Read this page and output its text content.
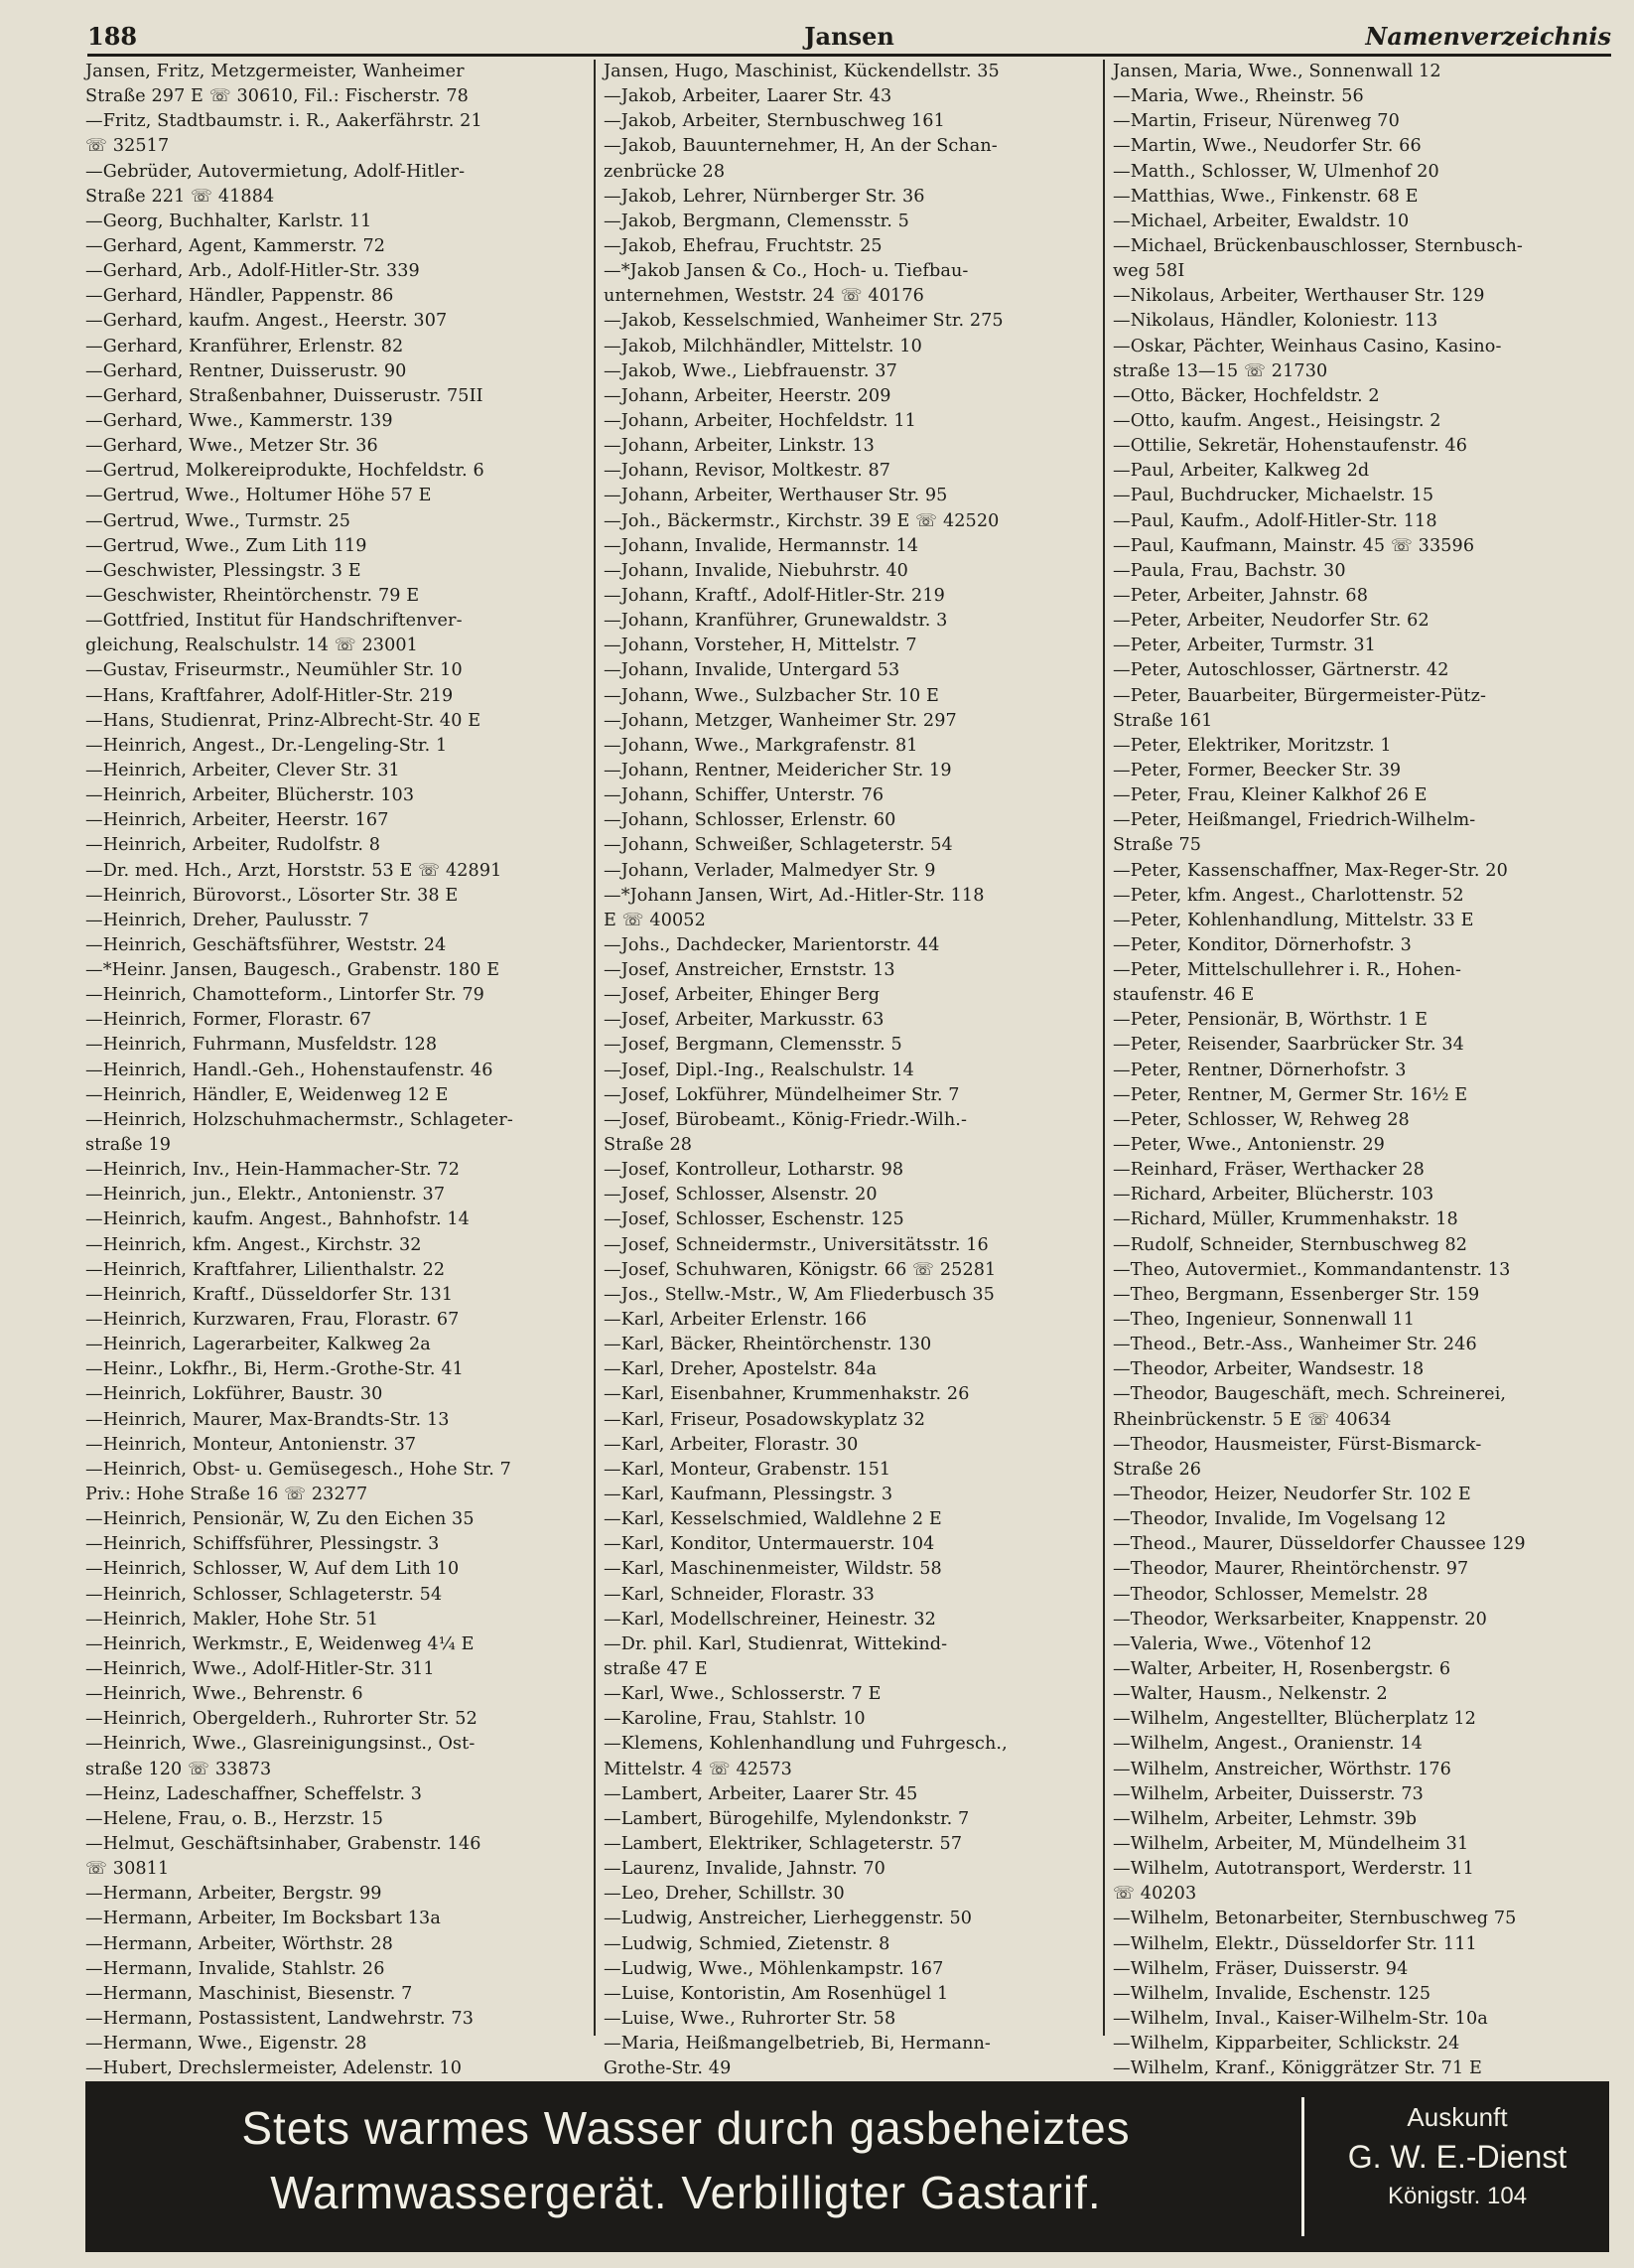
188	Jansen	Namenverzeichnis
Jansen, Fritz, Metzgermeister, Wanheimer
Straße 297 E ☏ 30610, Fil.: Fischerstr. 78
—Fritz, Stadtbaumstr. i. R., Aakerfährstr. 21
☏ 32517
—Gebrüder, Autovermietung, Adolf-Hitler-
Straße 221 ☏ 41884
—Georg, Buchhalter, Karlstr. 11
—Gerhard, Agent, Kammerstr. 72
—Gerhard, Arb., Adolf-Hitler-Str. 339
—Gerhard, Händler, Pappenstr. 86
—Gerhard, kaufm. Angest., Heerstr. 307
—Gerhard, Kranführer, Erlenstr. 82
—Gerhard, Rentner, Duisserustr. 90
—Gerhard, Straßenbahner, Duisserustr. 75II
—Gerhard, Wwe., Kammerstr. 139
—Gerhard, Wwe., Metzer Str. 36
—Gertrud, Molkereiprodukte, Hochfeldstr. 6
—Gertrud, Wwe., Holtumer Höhe 57 E
—Gertrud, Wwe., Turmstr. 25
—Gertrud, Wwe., Zum Lith 119
—Geschwister, Plessingstr. 3 E
—Geschwister, Rheintörchenstr. 79 E
—Gottfried, Institut für Handschriftenver-
gleichung, Realschulstr. 14 ☏ 23001
—Gustav, Friseurmstr., Neumühler Str. 10
—Hans, Kraftfahrer, Adolf-Hitler-Str. 219
—Hans, Studienrat, Prinz-Albrecht-Str. 40 E
—Heinrich, Angest., Dr.-Lengeling-Str. 1
—Heinrich, Arbeiter, Clever Str. 31
—Heinrich, Arbeiter, Blücherstr. 103
—Heinrich, Arbeiter, Heerstr. 167
—Heinrich, Arbeiter, Rudolfstr. 8
—Dr. med. Hch., Arzt, Horststr. 53 E ☏ 42891
—Heinrich, Bürovorst., Lösorter Str. 38 E
—Heinrich, Dreher, Paulusstr. 7
—Heinrich, Geschäftsführer, Weststr. 24
—*Heinr. Jansen, Baugesch., Grabenstr. 180 E
—Heinrich, Chamotteform., Lintorfer Str. 79
—Heinrich, Former, Florastr. 67
—Heinrich, Fuhrmann, Musfeldstr. 128
—Heinrich, Handl.-Geh., Hohenstaufenstr. 46
—Heinrich, Händler, E, Weidenweg 12 E
—Heinrich, Holzschuhmachermstr., Schlageter-
straße 19
—Heinrich, Inv., Hein-Hammacher-Str. 72
—Heinrich, jun., Elektr., Antonienstr. 37
—Heinrich, kaufm. Angest., Bahnhofstr. 14
—Heinrich, kfm. Angest., Kirchstr. 32
—Heinrich, Kraftfahrer, Lilienthalstr. 22
—Heinrich, Kraftf., Düsseldorfer Str. 131
—Heinrich, Kurzwaren, Frau, Florastr. 67
—Heinrich, Lagerarbeiter, Kalkweg 2a
—Heinr., Lokfhr., Bi, Herm.-Grothe-Str. 41
—Heinrich, Lokführer, Baustr. 30
—Heinrich, Maurer, Max-Brandts-Str. 13
—Heinrich, Monteur, Antonienstr. 37
—Heinrich, Obst- u. Gemüsegesch., Hohe Str. 7
Priv.: Hohe Straße 16 ☏ 23277
—Heinrich, Pensionär, W, Zu den Eichen 35
—Heinrich, Schiffsführer, Plessingstr. 3
—Heinrich, Schlosser, W, Auf dem Lith 10
—Heinrich, Schlosser, Schlageterstr. 54
—Heinrich, Makler, Hohe Str. 51
—Heinrich, Werkmstr., E, Weidenweg 4¼ E
—Heinrich, Wwe., Adolf-Hitler-Str. 311
—Heinrich, Wwe., Behrenstr. 6
—Heinrich, Obergelderh., Ruhrorter Str. 52
—Heinrich, Wwe., Glasreinigungsinst., Ost-
straße 120 ☏ 33873
—Heinz, Ladeschaffner, Scheffelstr. 3
—Helene, Frau, o. B., Herzstr. 15
—Helmut, Geschäftsinhaber, Grabenstr. 146
☏ 30811
—Hermann, Arbeiter, Bergstr. 99
—Hermann, Arbeiter, Im Bocksbart 13a
—Hermann, Arbeiter, Wörthstr. 28
—Hermann, Invalide, Stahlstr. 26
—Hermann, Maschinist, Biesenstr. 7
—Hermann, Postassistent, Landwehrstr. 73
—Hermann, Wwe., Eigenstr. 28
—Hubert, Drechslermeister, Adelenstr. 10
Jansen, Hugo, Maschinist, Kückendellstr. 35
—Jakob, Arbeiter, Laarer Str. 43
—Jakob, Arbeiter, Sternbuschweg 161
—Jakob, Bauunternehmer, H, An der Schan-
zenbrücke 28
—Jakob, Lehrer, Nürnberger Str. 36
—Jakob, Bergmann, Clemensstr. 5
—Jakob, Ehefrau, Fruchtstr. 25
—*Jakob Jansen & Co., Hoch- u. Tiefbau-
unternehmen, Weststr. 24 ☏ 40176
—Jakob, Kesselschmied, Wanheimer Str. 275
—Jakob, Milchhändler, Mittelstr. 10
—Jakob, Wwe., Liebfrauenstr. 37
—Johann, Arbeiter, Heerstr. 209
—Johann, Arbeiter, Hochfeldstr. 11
—Johann, Arbeiter, Linkstr. 13
—Johann, Revisor, Moltkestr. 87
—Johann, Arbeiter, Werthauser Str. 95
—Joh., Bäckermstr., Kirchstr. 39 E ☏ 42520
—Johann, Invalide, Hermannstr. 14
—Johann, Invalide, Niebuhrstr. 40
—Johann, Kraftf., Adolf-Hitler-Str. 219
—Johann, Kranführer, Grunewaldstr. 3
—Johann, Vorsteher, H, Mittelstr. 7
—Johann, Invalide, Untergard 53
—Johann, Wwe., Sulzbacher Str. 10 E
—Johann, Metzger, Wanheimer Str. 297
—Johann, Wwe., Markgrafenstr. 81
—Johann, Rentner, Meidericher Str. 19
—Johann, Schiffer, Unterstr. 76
—Johann, Schlosser, Erlenstr. 60
—Johann, Schweißer, Schlageterstr. 54
—Johann, Verlader, Malmedyer Str. 9
—*Johann Jansen, Wirt, Ad.-Hitler-Str. 118
E ☏ 40052
—Johs., Dachdecker, Marientorstr. 44
—Josef, Anstreicher, Ernststr. 13
—Josef, Arbeiter, Ehinger Berg
—Josef, Arbeiter, Markusstr. 63
—Josef, Bergmann, Clemensstr. 5
—Josef, Dipl.-Ing., Realschulstr. 14
—Josef, Lokführer, Mündelheimer Str. 7
—Josef, Bürobeamt., König-Friedr.-Wilh.-
Straße 28
—Josef, Kontrolleur, Lotharstr. 98
—Josef, Schlosser, Alsenstr. 20
—Josef, Schlosser, Eschenstr. 125
—Josef, Schneidermstr., Universitätsstr. 16
—Josef, Schuhwaren, Königstr. 66 ☏ 25281
—Jos., Stellw.-Mstr., W, Am Fliederbusch 35
—Karl, Arbeiter Erlenstr. 166
—Karl, Bäcker, Rheintörchenstr. 130
—Karl, Dreher, Apostelstr. 84a
—Karl, Eisenbahner, Krummenhakstr. 26
—Karl, Friseur, Posadowskyplatz 32
—Karl, Arbeiter, Florastr. 30
—Karl, Monteur, Grabenstr. 151
—Karl, Kaufmann, Plessingstr. 3
—Karl, Kesselschmied, Waldlehne 2 E
—Karl, Konditor, Untermauerstr. 104
—Karl, Maschinenmeister, Wildstr. 58
—Karl, Schneider, Florastr. 33
—Karl, Modellschreiner, Heinestr. 32
—Dr. phil. Karl, Studienrat, Wittekind-
straße 47 E
—Karl, Wwe., Schlosserstr. 7 E
—Karoline, Frau, Stahlstr. 10
—Klemens, Kohlenhandlung und Fuhrgesch.,
Mittelstr. 4 ☏ 42573
—Lambert, Arbeiter, Laarer Str. 45
—Lambert, Bürogehilfe, Mylendonkstr. 7
—Lambert, Elektriker, Schlageterstr. 57
—Laurenz, Invalide, Jahnstr. 70
—Leo, Dreher, Schillstr. 30
—Ludwig, Anstreicher, Lierheggenstr. 50
—Ludwig, Schmied, Zietenstr. 8
—Ludwig, Wwe., Möhlenkampstr. 167
—Luise, Kontoristin, Am Rosenhügel 1
—Luise, Wwe., Ruhrorter Str. 58
—Maria, Heißmangelbetrieb, Bi, Hermann-
Grothe-Str. 49
Jansen, Maria, Wwe., Sonnenwall 12
—Maria, Wwe., Rheinstr. 56
—Martin, Friseur, Nürenweg 70
—Martin, Wwe., Neudorfer Str. 66
—Matth., Schlosser, W, Ulmenhof 20
—Matthias, Wwe., Finkenstr. 68 E
—Michael, Arbeiter, Ewaldstr. 10
—Michael, Brückenbauschlosser, Sternbusch-
weg 58I
—Nikolaus, Arbeiter, Werthauser Str. 129
—Nikolaus, Händler, Koloniestr. 113
—Oskar, Pächter, Weinhaus Casino, Kasino-
straße 13—15 ☏ 21730
—Otto, Bäcker, Hochfeldstr. 2
—Otto, kaufm. Angest., Heisingstr. 2
—Ottilie, Sekretär, Hohenstaufenstr. 46
—Paul, Arbeiter, Kalkweg 2d
—Paul, Buchdrucker, Michaelstr. 15
—Paul, Kaufm., Adolf-Hitler-Str. 118
—Paul, Kaufmann, Mainstr. 45 ☏ 33596
—Paula, Frau, Bachstr. 30
—Peter, Arbeiter, Jahnstr. 68
—Peter, Arbeiter, Neudorfer Str. 62
—Peter, Arbeiter, Turmstr. 31
—Peter, Autoschlosser, Gärtnerstr. 42
—Peter, Bauarbeiter, Bürgermeister-Pütz-
Straße 161
—Peter, Elektriker, Moritzstr. 1
—Peter, Former, Beecker Str. 39
—Peter, Frau, Kleiner Kalkhof 26 E
—Peter, Heißmangel, Friedrich-Wilhelm-
Straße 75
—Peter, Kassenschaffner, Max-Reger-Str. 20
—Peter, kfm. Angest., Charlottenstr. 52
—Peter, Kohlenhandlung, Mittelstr. 33 E
—Peter, Konditor, Dörnerhofstr. 3
—Peter, Mittelschullehrer i. R., Hohen-
staufenstr. 46 E
—Peter, Pensionär, B, Wörthstr. 1 E
—Peter, Reisender, Saarbrücker Str. 34
—Peter, Rentner, Dörnerhofstr. 3
—Peter, Rentner, M, Germer Str. 16½ E
—Peter, Schlosser, W, Rehweg 28
—Peter, Wwe., Antonienstr. 29
—Reinhard, Fräser, Werthacker 28
—Richard, Arbeiter, Blücherstr. 103
—Richard, Müller, Krummenhakstr. 18
—Rudolf, Schneider, Sternbuschweg 82
—Theo, Autovermiet., Kommandantenstr. 13
—Theo, Bergmann, Essenberger Str. 159
—Theo, Ingenieur, Sonnenwall 11
—Theod., Betr.-Ass., Wanheimer Str. 246
—Theodor, Arbeiter, Wandsestr. 18
—Theodor, Baugeschäft, mech. Schreinerei,
Rheinbrückenstr. 5 E ☏ 40634
—Theodor, Hausmeister, Fürst-Bismarck-
Straße 26
—Theodor, Heizer, Neudorfer Str. 102 E
—Theodor, Invalide, Im Vogelsang 12
—Theod., Maurer, Düsseldorfer Chaussee 129
—Theodor, Maurer, Rheintörchenstr. 97
—Theodor, Schlosser, Memelstr. 28
—Theodor, Werksarbeiter, Knappenstr. 20
—Valeria, Wwe., Vötenhof 12
—Walter, Arbeiter, H, Rosenbergstr. 6
—Walter, Hausm., Nelkenstr. 2
—Wilhelm, Angestellter, Blücherplatz 12
—Wilhelm, Angest., Oranienstr. 14
—Wilhelm, Anstreicher, Wörthstr. 176
—Wilhelm, Arbeiter, Duisserstr. 73
—Wilhelm, Arbeiter, Lehmstr. 39b
—Wilhelm, Arbeiter, M, Mündelheim 31
—Wilhelm, Autotransport, Werderstr. 11
☏ 40203
—Wilhelm, Betonarbeiter, Sternbuschweg 75
—Wilhelm, Elektr., Düsseldorfer Str. 111
—Wilhelm, Fräser, Duisserstr. 94
—Wilhelm, Invalide, Eschenstr. 125
—Wilhelm, Inval., Kaiser-Wilhelm-Str. 10a
—Wilhelm, Kipparbeiter, Schlickstr. 24
—Wilhelm, Kranf., Königgrätzer Str. 71 E
Stets warmes Wasser durch gasbeheiztes
Warmwassergerät. Verbilligter Gastarif.
Auskunft
G. W. E.-Dienst
Königstr. 104
